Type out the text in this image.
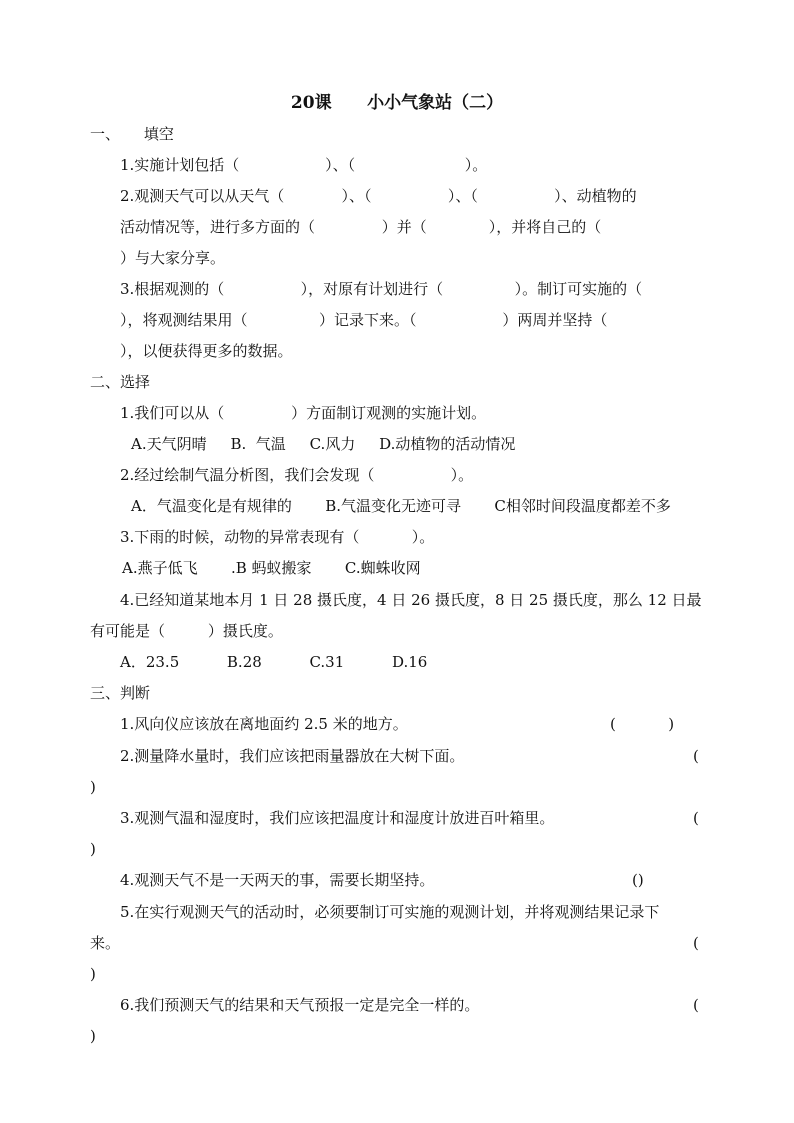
20课      小小气象站（二）
一、     填空
1.实施计划包括（                  ）、（                       ）。
2.观测天气可以从天气（            ）、（                ）、（                ）、动植物的
活动情况等，进行多方面的（              ）并（             ），并将自己的（
）与大家分享。
3.根据观测的（                ），对原有计划进行（               ）。制订可实施的（
），将观测结果用（               ）记录下来。（                  ）两周并坚持（
），以便获得更多的数据。
二、选择
1.我们可以从（              ）方面制订观测的实施计划。
A.天气阴晴     B.  气温     C.风力     D.动植物的活动情况
2.经过绘制气温分析图，我们会发现（                ）。
A．气温变化是有规律的       B.气温变化无迹可寻       C相邻时间段温度都差不多
3.下雨的时候，动物的异常表现有（           ）。
A.燕子低飞       .B 蚂蚁搬家       C.蜘蛛收网
4.已经知道某地本月 1 日 28 摄氏度，4 日 26 摄氏度，8 日 25 摄氏度，那么 12 日最
有可能是（         ）摄氏度。
A．23.5          B.28          C.31          D.16
三、判断
1.风向仪应该放在离地面约 2.5 米的地方。	(           )
2.测量降水量时，我们应该把雨量器放在大树下面。	(
)
3.观测气温和湿度时，我们应该把温度计和湿度计放进百叶箱里。	(
)
4.观测天气不是一天两天的事，需要长期坚持。	()
5.在实行观测天气的活动时，必须要制订可实施的观测计划，并将观测结果记录下
来。	(
)
6.我们预测天气的结果和天气预报一定是完全一样的。	(
)
